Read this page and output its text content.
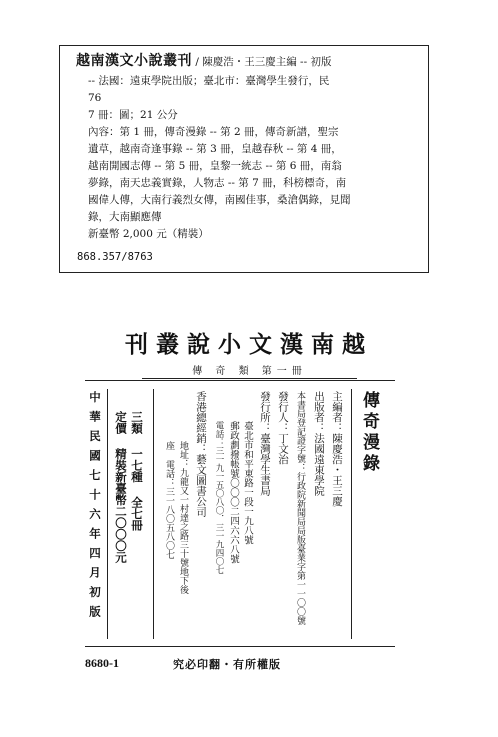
越南漢文小說叢刊 / 陳慶浩・王三慶主編 -- 初版
-- 法國：遠東學院出版；臺北市：臺灣學生發行，民
76
7 冊：圖；21 公分
內容：第 1 冊，傳奇漫錄 -- 第 2 冊，傳奇新譜，聖宗
遺草，越南奇逢事錄 -- 第 3 冊，皇越春秋 -- 第 4 冊，
越南開國志傳 -- 第 5 冊，皇黎一統志 -- 第 6 冊，南翁
夢錄，南天忠義實錄，人物志 -- 第 7 冊，科榜標奇，南
國偉人傳，大南行義烈女傳，南國佳事，桑滄偶錄，見聞
錄，大南顯應傳
新臺幣 2,000 元（精裝）
868.357/8763
刊叢說小文漢南越
傳 奇 類 第一冊
傳奇漫錄
主編者：陳慶浩・王三慶
出版者：法國遠東學院
本書局登記證字號：行政院新聞局局版臺業字第一一〇〇號
發行人：丁文治
發行所：臺灣學生書局
臺北市和平東路一段一九八號
郵政劃撥帳號〇〇〇二四六六八號
電話：三一九一五〇八〇．三一九四〇七
香港總經銷：藝文圖書公司
地址：九龍又一村達之路三十號地下後
座 電話：三一八〇五八〇七
三類 一七種 全七冊
定價 精裝新臺幣二〇〇〇元
中華民國七十六年四月初版
8680-1	究必印翻・有所權版
